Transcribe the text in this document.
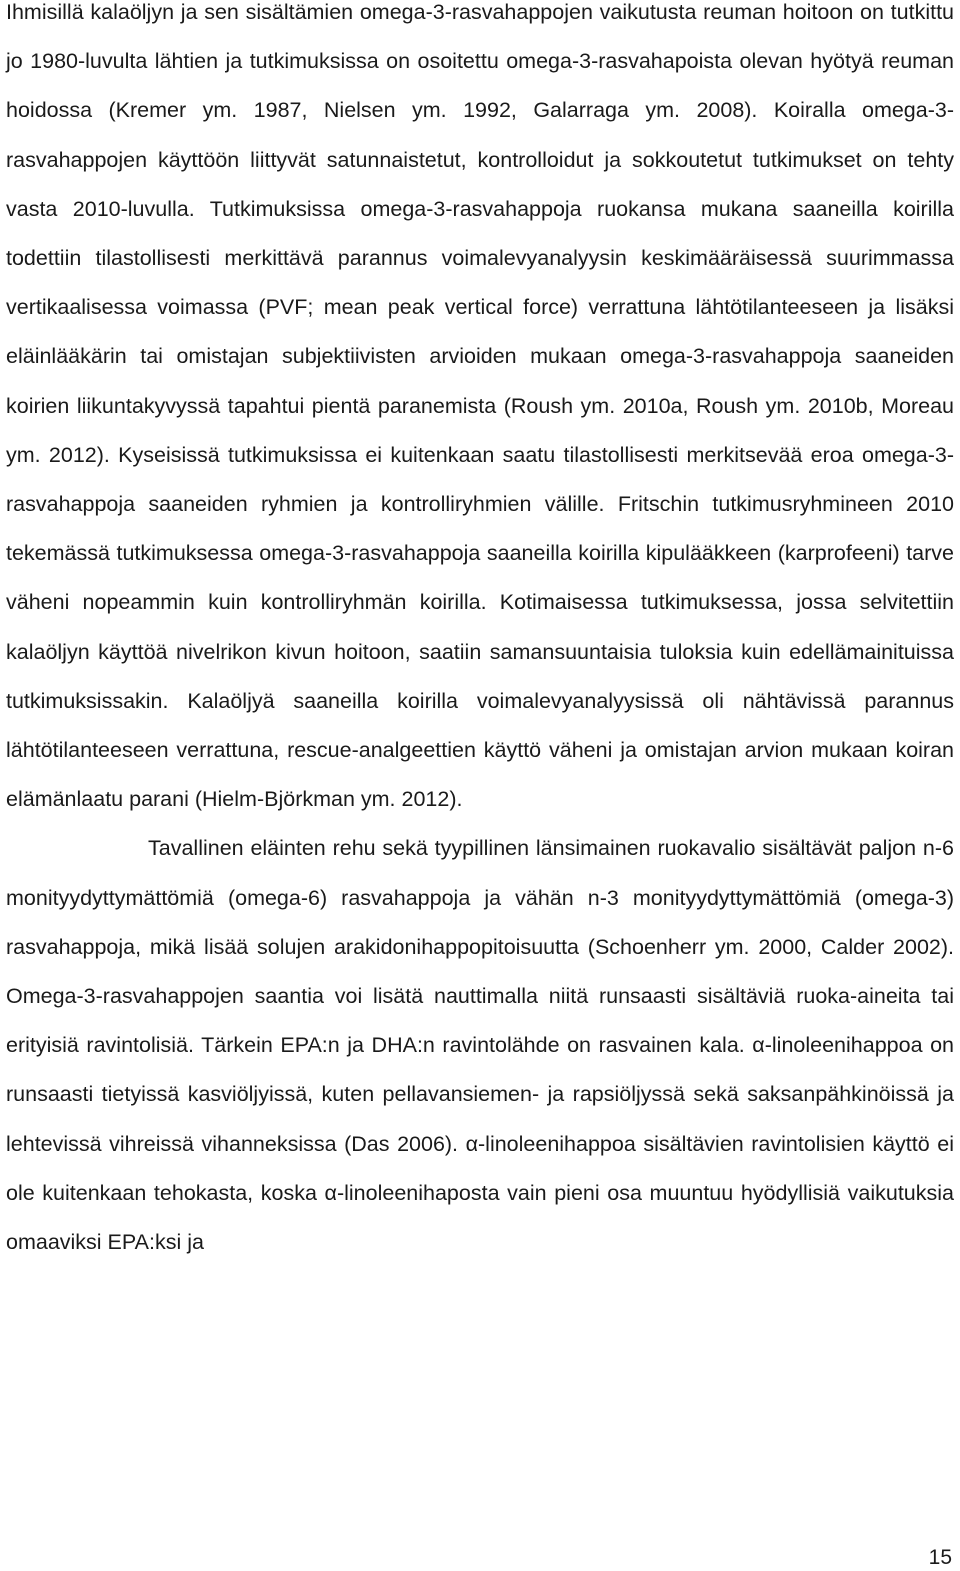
Ihmisillä kalaöljyn ja sen sisältämien omega-3-rasvahappojen vaikutusta reuman hoitoon on tutkittu jo 1980-luvulta lähtien ja tutkimuksissa on osoitettu omega-3-rasvahapoista olevan hyötyä reuman hoidossa (Kremer ym. 1987, Nielsen ym. 1992, Galarraga ym. 2008). Koiralla omega-3-rasvahappojen käyttöön liittyvät satunnaistetut, kontrolloidut ja sokkoutetut tutkimukset on tehty vasta 2010-luvulla. Tutkimuksissa omega-3-rasvahappoja ruokansa mukana saaneilla koirilla todettiin tilastollisesti merkittävä parannus voimalevyanalyysin keskimääräisessä suurimmassa vertikaalisessa voimassa (PVF; mean peak vertical force) verrattuna lähtötilanteeseen ja lisäksi eläinlääkärin tai omistajan subjektiivisten arvioiden mukaan omega-3-rasvahappoja saaneiden koirien liikuntakyvyssä tapahtui pientä paranemista (Roush ym. 2010a, Roush ym. 2010b, Moreau ym. 2012). Kyseisissä tutkimuksissa ei kuitenkaan saatu tilastollisesti merkitsevää eroa omega-3-rasvahappoja saaneiden ryhmien ja kontrolliryhmien välille. Fritschin tutkimusryhmineen 2010 tekemässä tutkimuksessa omega-3-rasvahappoja saaneilla koirilla kipulääkkeen (karprofeeni) tarve väheni nopeammin kuin kontrolliryhmän koirilla. Kotimaisessa tutkimuksessa, jossa selvitettiin kalaöljyn käyttöä nivelrikon kivun hoitoon, saatiin samansuuntaisia tuloksia kuin edellämainituissa tutkimuksissakin. Kalaöljyä saaneilla koirilla voimalevyanalyysissä oli nähtävissä parannus lähtötilanteeseen verrattuna, rescue-analgeettien käyttö väheni ja omistajan arvion mukaan koiran elämänlaatu parani (Hielm-Björkman ym. 2012).

Tavallinen eläinten rehu sekä tyypillinen länsimainen ruokavalio sisältävät paljon n-6 monityydyttymättömiä (omega-6) rasvahappoja ja vähän n-3 monityydyttymättömiä (omega-3) rasvahappoja, mikä lisää solujen arakidonihappopitoisuutta (Schoenherr ym. 2000, Calder 2002). Omega-3-rasvahappojen saantia voi lisätä nauttimalla niitä runsaasti sisältäviä ruoka-aineita tai erityisiä ravintolisiä. Tärkein EPA:n ja DHA:n ravintolähde on rasvainen kala. α-linoleenihappoa on runsaasti tietyissä kasviöljyissä, kuten pellavansiemen- ja rapsiöljyssä sekä saksanpähkinöissä ja lehtevissä vihreissä vihanneksissa (Das 2006). α-linoleenihappoa sisältävien ravintolisien käyttö ei ole kuitenkaan tehokasta, koska α-linoleenihaposta vain pieni osa muuntuu hyödyllisiä vaikutuksia omaaviksi EPA:ksi ja

15
